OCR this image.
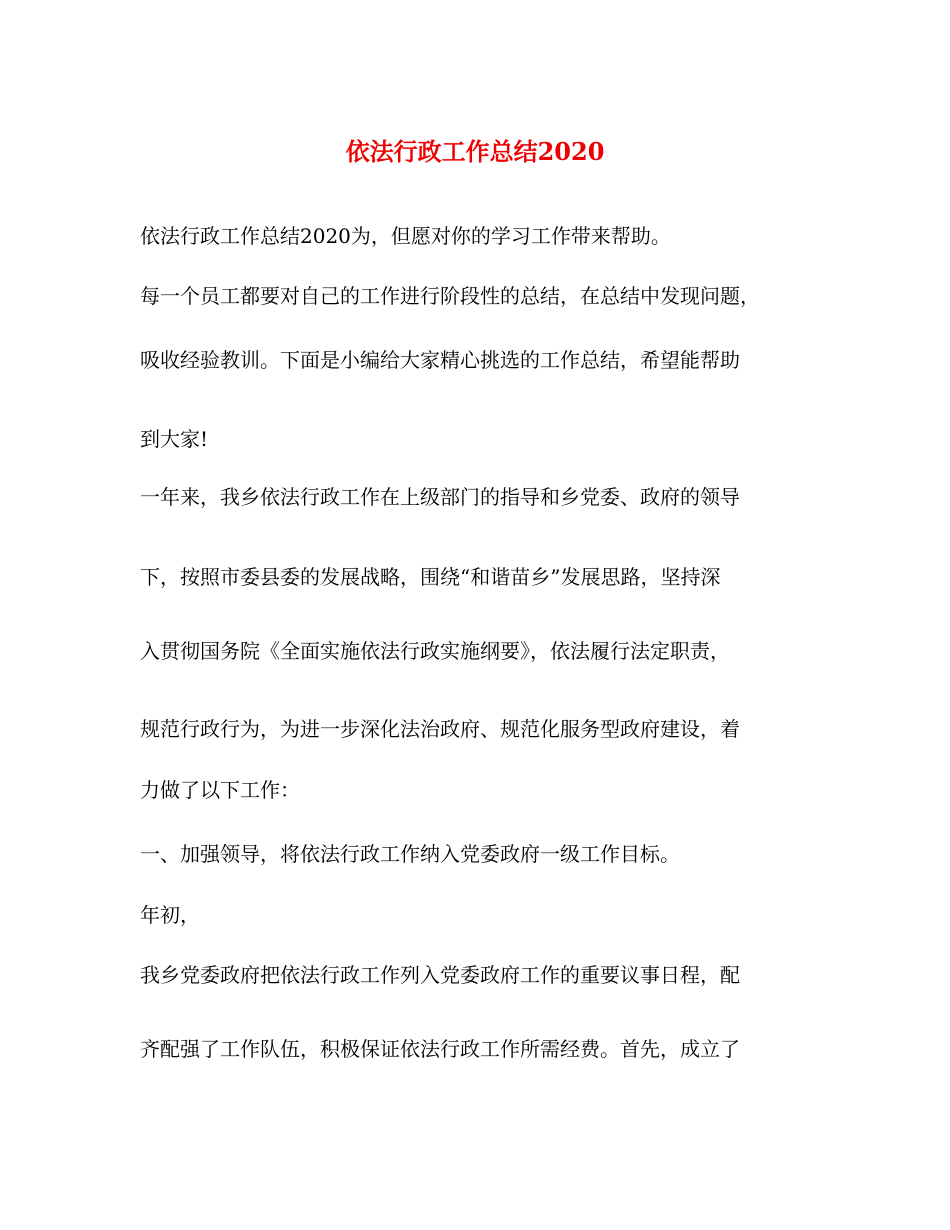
依法行政工作总结2020
依法行政工作总结2020为，但愿对你的学习工作带来帮助。
每一个员工都要对自己的工作进行阶段性的总结，在总结中发现问题，
吸收经验教训。下面是小编给大家精心挑选的工作总结，希望能帮助
到大家!
一年来，我乡依法行政工作在上级部门的指导和乡党委、政府的领导
下，按照市委县委的发展战略，围绕“和谐苗乡”发展思路，坚持深
入贯彻国务院《全面实施依法行政实施纲要》，依法履行法定职责，
规范行政行为，为进一步深化法治政府、规范化服务型政府建设，着
力做了以下工作：
一、加强领导，将依法行政工作纳入党委政府一级工作目标。
年初，
我乡党委政府把依法行政工作列入党委政府工作的重要议事日程，配
齐配强了工作队伍，积极保证依法行政工作所需经费。首先，成立了
